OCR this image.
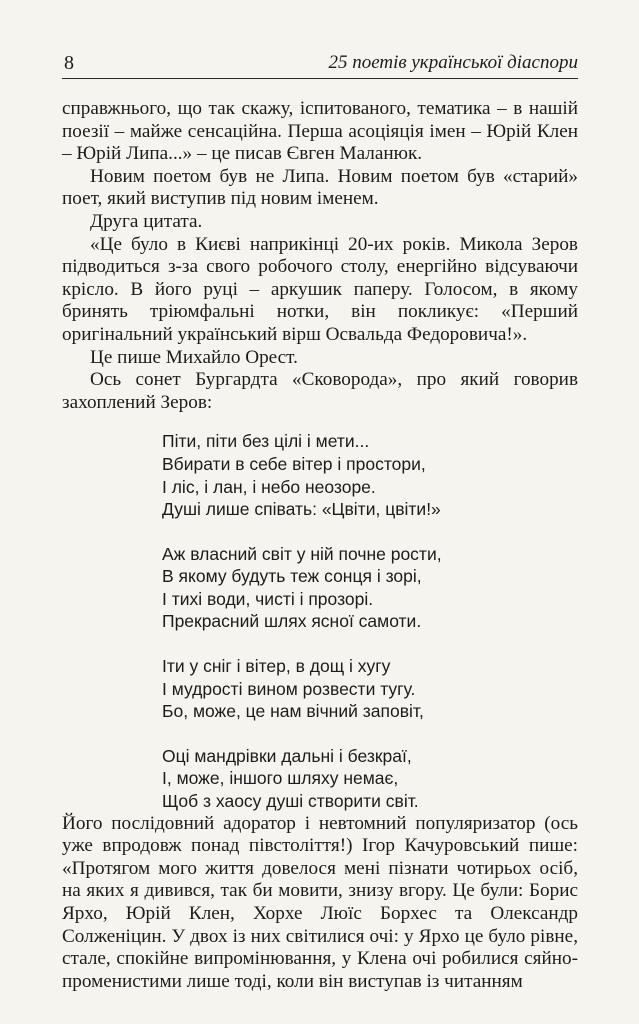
8	25 поетів української діаспори

справжнього, що так скажу, іспитованого, тематика – в нашій поезії – майже сенсаційна. Перша асоціяція імен – Юрій Клен – Юрій Липа...» – це писав Євген Маланюк.

Новим поетом був не Липа. Новим поетом був «старий» поет, який виступив під новим іменем.

Друга цитата.

«Це було в Києві наприкінці 20-их років. Микола Зеров підводиться з-за свого робочого столу, енергійно відсуваючи крісло. В його руці – аркушик паперу. Голосом, в якому бринять тріюмфальні нотки, він покликує: «Перший оригінальний український вірш Освальда Федоровича!».

Це пише Михайло Орест.

Ось сонет Бургардта «Сковорода», про який говорив захоплений Зеров:

Піти, піти без цілі і мети...
Вбирати в себе вітер і простори,
І ліс, і лан, і небо неозоре.
Душі лише співать: «Цвіти, цвіти!»
Аж власний світ у ній почне рости,
В якому будуть теж сонця і зорі,
І тихі води, чисті і прозорі.
Прекрасний шлях ясної самоти.
Іти у сніг і вітер, в дощ і хугу
І мудрості вином розвести тугу.
Бо, може, це нам вічний заповіт,
Оці мандрівки дальні і безкраї,
І, може, іншого шляху немає,
Щоб з хаосу душі створити світ.

Його послідовний адоратор і невтомний популяризатор (ось уже впродовж понад півстоліття!) Ігор Качуровський пише: «Протягом мого життя довелося мені пізнати чотирьох осіб, на яких я дивився, так би мовити, знизу вгору. Це були: Борис Ярхо, Юрій Клен, Хорхе Люїс Борхес та Олександр Солженіцин. У двох із них світилися очі: у Ярхо це було рівне, стале, спокійне випромінювання, у Клена очі робилися сяйно-променистими лише тоді, коли він виступав із читанням
